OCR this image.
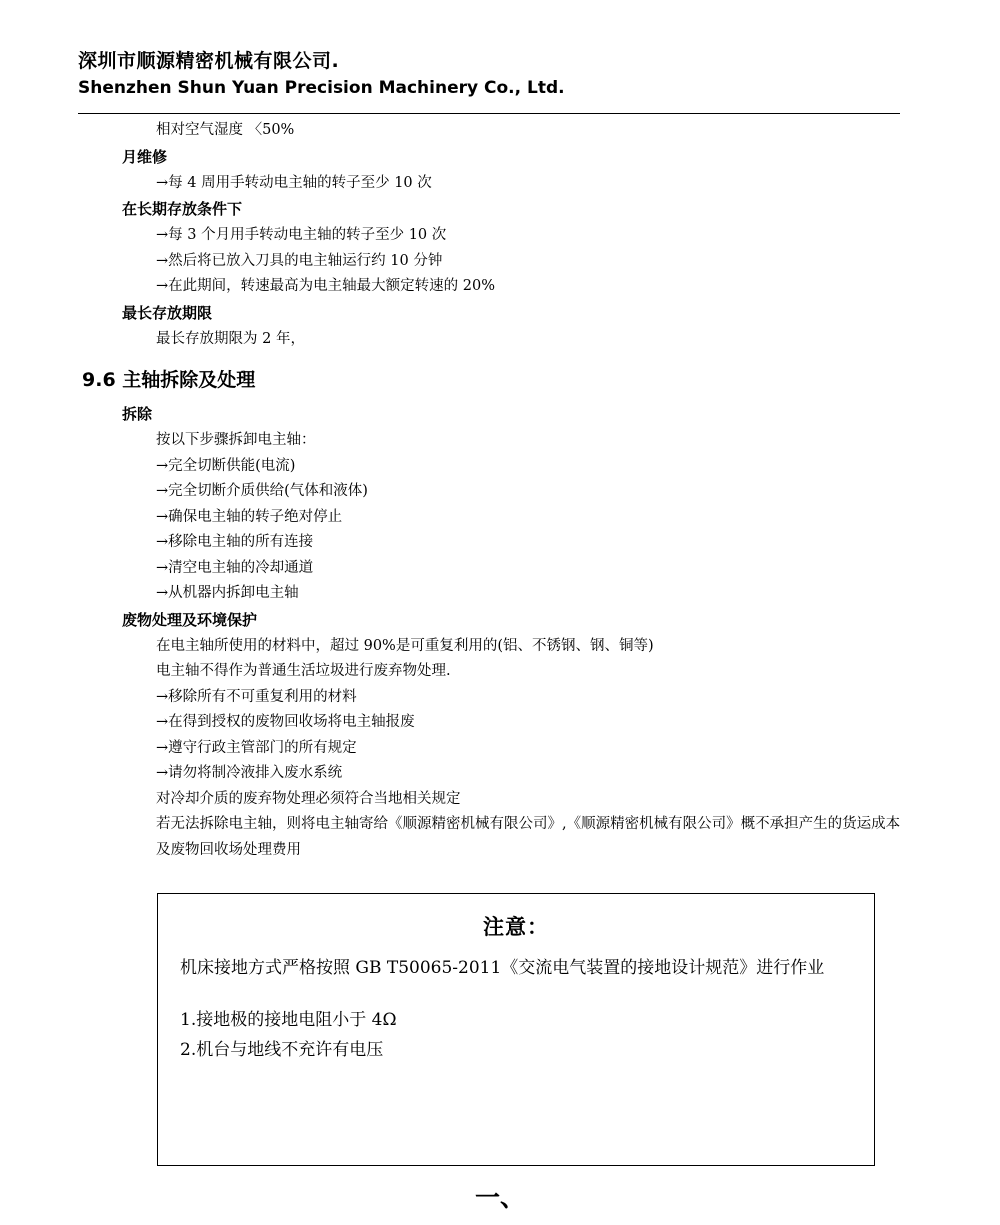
深圳市顺源精密机械有限公司.
Shenzhen Shun Yuan Precision Machinery Co., Ltd.
相对空气湿度 〈50%
月维修
→每 4 周用手转动电主轴的转子至少 10 次
在长期存放条件下
→每 3 个月用手转动电主轴的转子至少 10 次
→然后将已放入刀具的电主轴运行约 10 分钟
→在此期间，转速最高为电主轴最大额定转速的 20%
最长存放期限
最长存放期限为 2 年，
9.6 主轴拆除及处理
拆除
按以下步骤拆卸电主轴：
→完全切断供能(电流)
→完全切断介质供给(气体和液体)
→确保电主轴的转子绝对停止
→移除电主轴的所有连接
→清空电主轴的冷却通道
→从机器内拆卸电主轴
废物处理及环境保护
在电主轴所使用的材料中，超过 90%是可重复利用的(铝、不锈钢、钢、铜等)
电主轴不得作为普通生活垃圾进行废弃物处理.
→移除所有不可重复利用的材料
→在得到授权的废物回收场将电主轴报废
→遵守行政主管部门的所有规定
→请勿将制冷液排入废水系统
对冷却介质的废弃物处理必须符合当地相关规定
若无法拆除电主轴，则将电主轴寄给《顺源精密机械有限公司》,《顺源精密机械有限公司》概不承担产生的货运成本及废物回收场处理费用
注意：
机床接地方式严格按照 GB T50065-2011《交流电气装置的接地设计规范》进行作业
1.接地极的接地电阻小于 4Ω
2.机台与地线不充许有电压
一、
